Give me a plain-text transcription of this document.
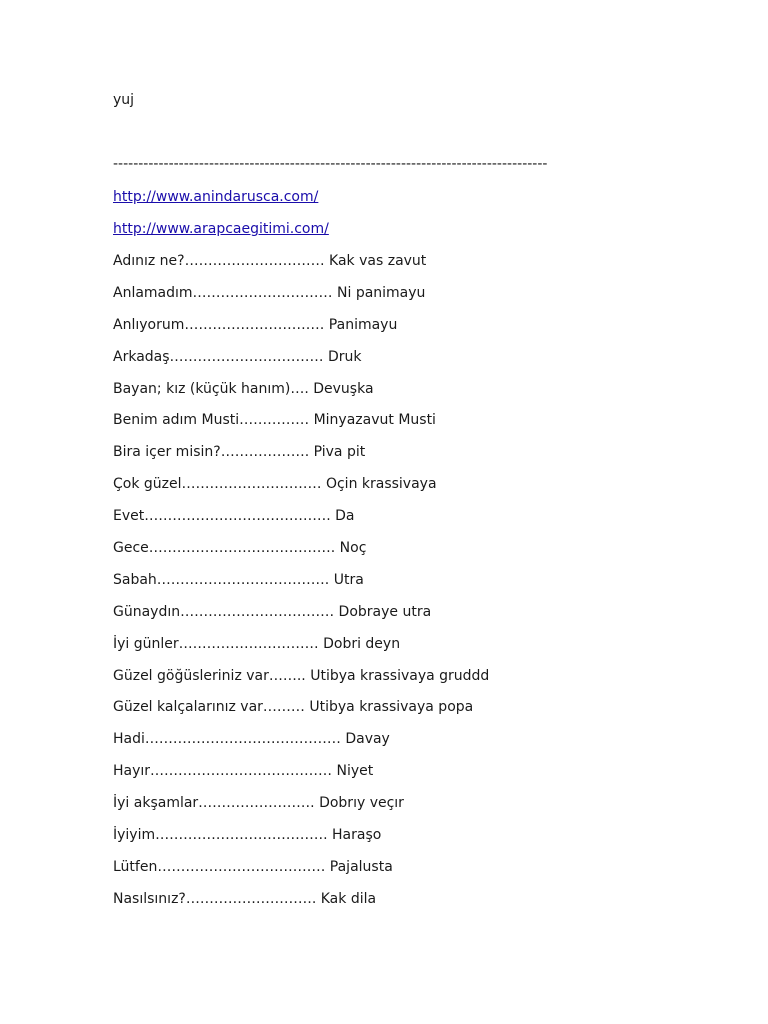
yuj
--------------------------------------------------------------------------------------
http://www.anindarusca.com/
http://www.arapcaegitimi.com/
Adınız ne?………………………… Kak vas zavut
Anlamadım………………………… Ni panimayu
Anlıyorum………………………… Panimayu
Arkadaş…………………………… Druk
Bayan; kız (küçük hanım)…. Devuşka
Benim adım Musti…………… Minyazavut Musti
Bira içer misin?………………. Piva pit
Çok güzel………………………… Oçin krassivaya
Evet…………………………………. Da
Gece…………………………………. Noç
Sabah………………………………. Utra
Günaydın…………………………… Dobraye utra
İyi günler………………………… Dobri deyn
Güzel göğüsleriniz var…….. Utibya krassivaya gruddd
Güzel kalçalarınız var……… Utibya krassivaya popa
Hadi…………………………………… Davay
Hayır………………………………… Niyet
İyi akşamlar……………………. Dobrıy veçır
İyiyim………………………………. Haraşo
Lütfen……………………………… Pajalusta
Nasılsınız?………………………. Kak dila
